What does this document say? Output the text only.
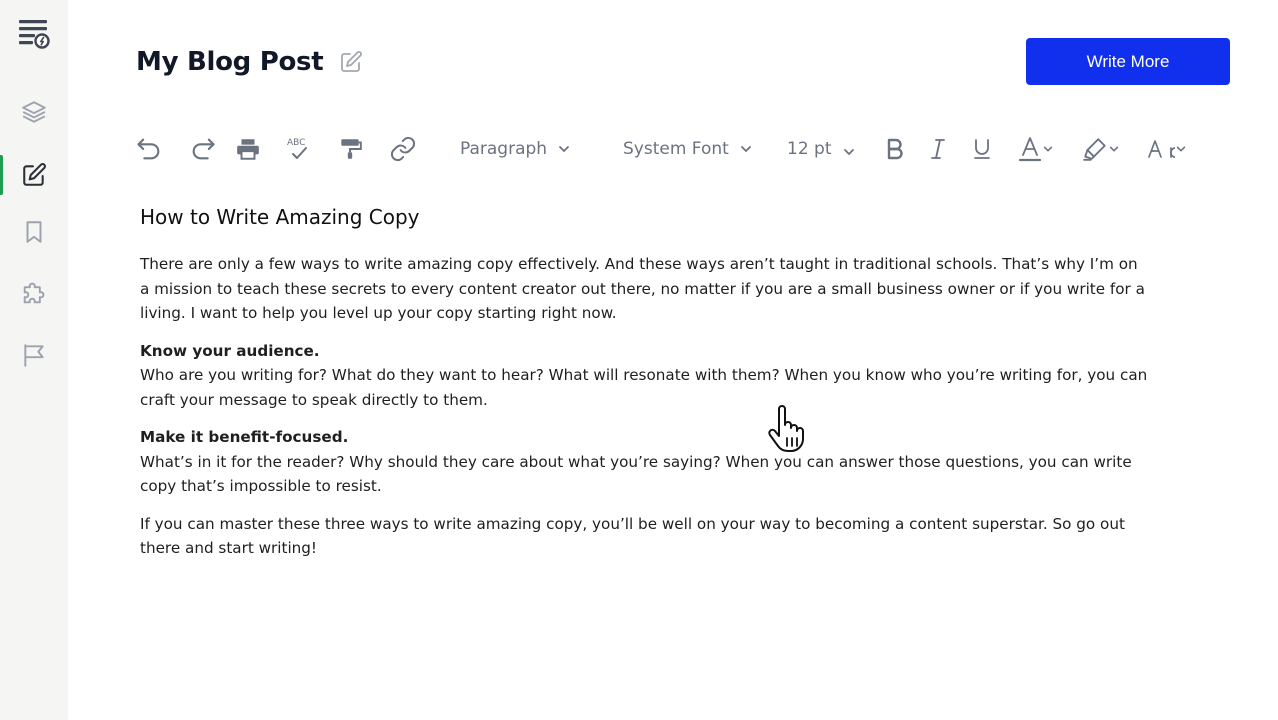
My Blog Post	Write More
ABC	Paragraph	System Font	12 pt
How to Write Amazing Copy

There are only a few ways to write amazing copy effectively. And these ways aren’t taught in traditional schools. That’s why I’m on a mission to teach these secrets to every content creator out there, no matter if you are a small business owner or if you write for a living. I want to help you level up your copy starting right now.

Know your audience.
Who are you writing for? What do they want to hear? What will resonate with them? When you know who you’re writing for, you can craft your message to speak directly to them.

Make it benefit-focused.
What’s in it for the reader? Why should they care about what you’re saying? When you can answer those questions, you can write copy that’s impossible to resist.

If you can master these three ways to write amazing copy, you’ll be well on your way to becoming a content superstar. So go out there and start writing!
